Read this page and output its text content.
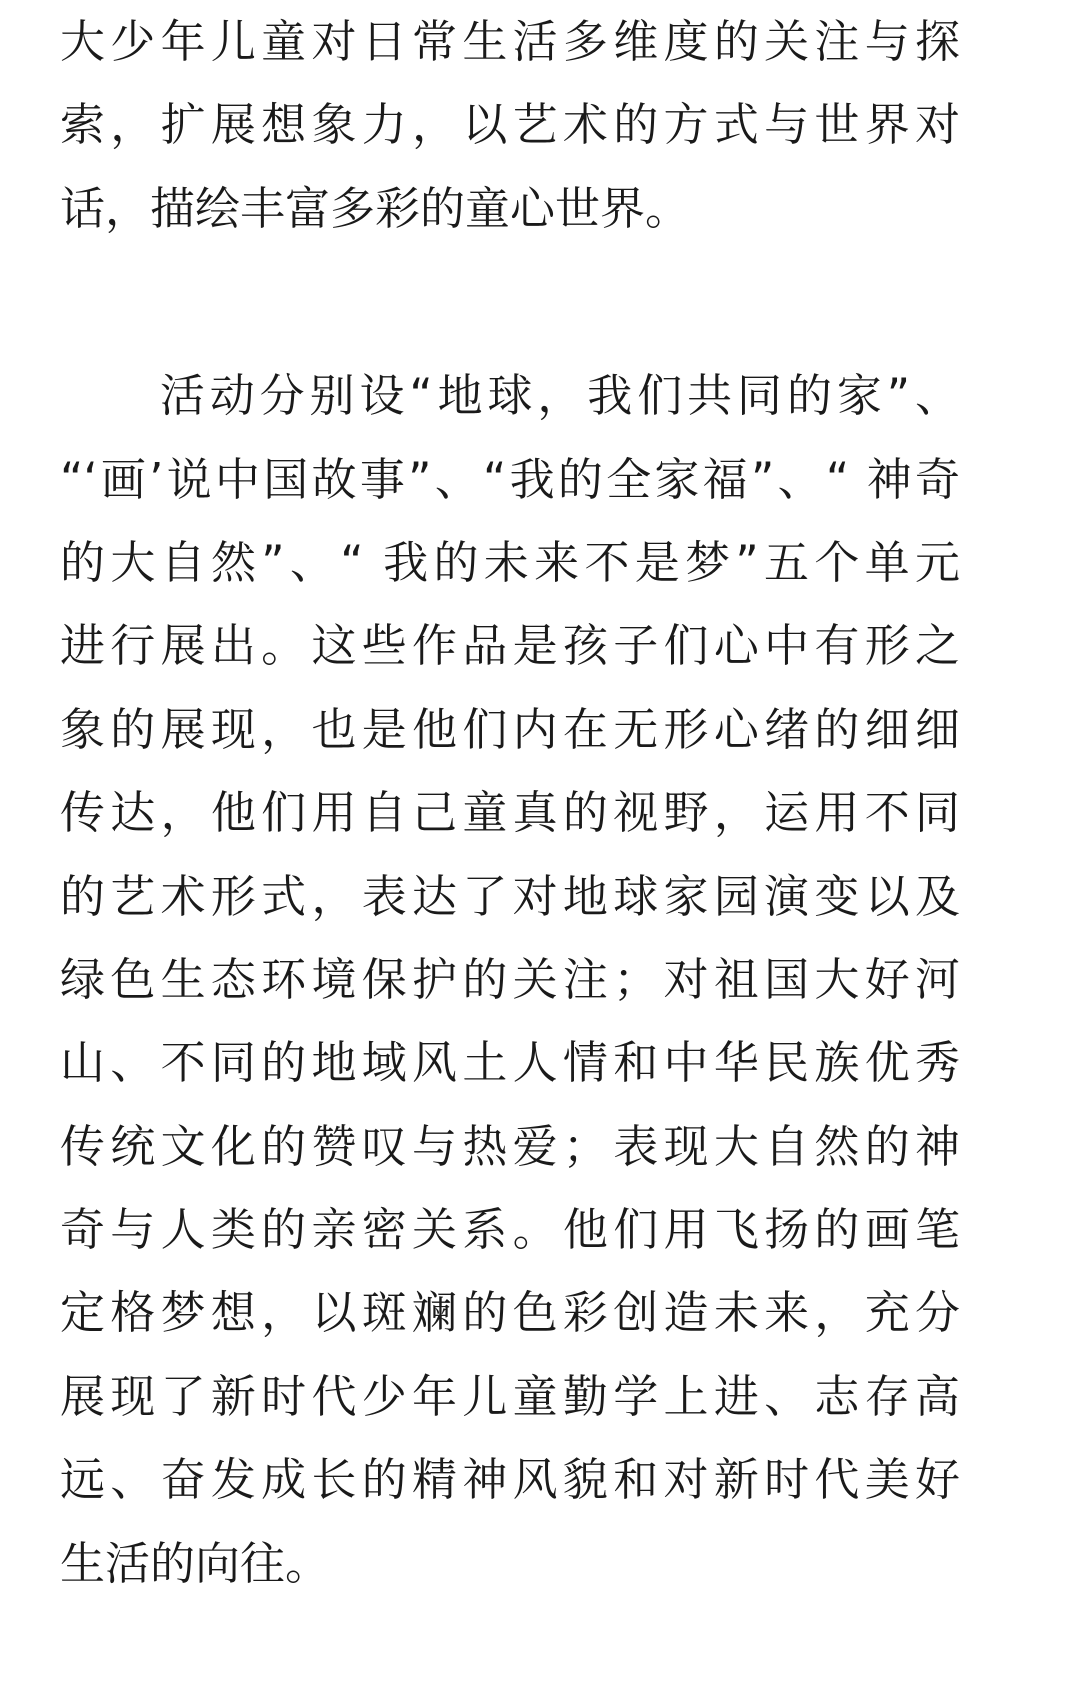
大少年儿童对日常生活多维度的关注与探
索，扩展想象力，以艺术的方式与世界对
话，描绘丰富多彩的童心世界。
　　活动分别设“地球，我们共同的家”、
“‘画’说中国故事”、“我的全家福”、“ 神奇
的大自然”、“ 我的未来不是梦”五个单元
进行展出。这些作品是孩子们心中有形之
象的展现，也是他们内在无形心绪的细细
传达，他们用自己童真的视野，运用不同
的艺术形式，表达了对地球家园演变以及
绿色生态环境保护的关注；对祖国大好河
山、不同的地域风土人情和中华民族优秀
传统文化的赞叹与热爱；表现大自然的神
奇与人类的亲密关系。他们用飞扬的画笔
定格梦想，以斑斓的色彩创造未来，充分
展现了新时代少年儿童勤学上进、志存高
远、奋发成长的精神风貌和对新时代美好
生活的向往。
